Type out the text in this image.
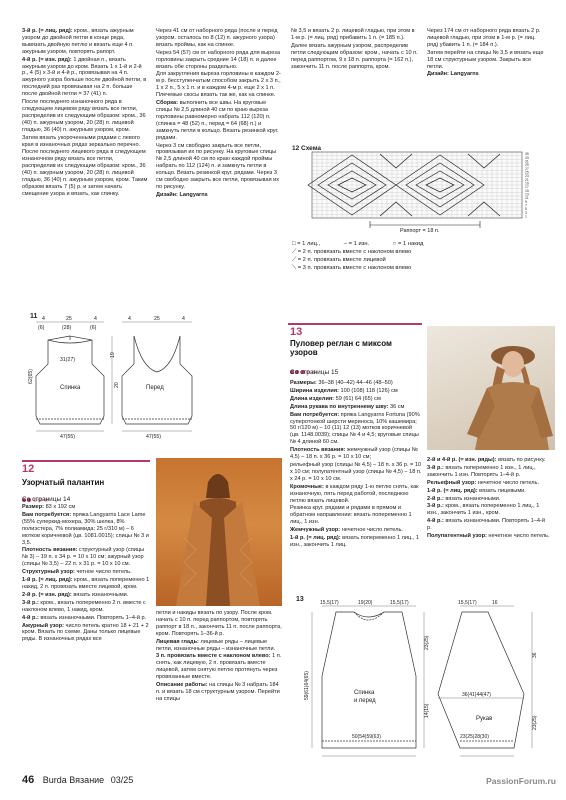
3-й р. (= лиц. ряд): кром., вязать ажурным узором до двойной петли в конце ряда, вывязать двойную петлю и вязать еще 4 п. ажурным узором, повторять рапорт.

4-й р. (= изн. ряд): 1 двойная п., вязать ажурным узором до кром. Вязать 1 х 1-й и 2-й р., 4 (5) х 3-й и 4-й р., провязывая на 4 п. ажурного узора больше после двойной петли, в последний раз провязывая на 2 п. больше после двойной петли = 37 (41) п.

После последнего изнаночного ряда в следующем лицевом ряду вязать все петли, распределив их следующим образом: кром., 36 (40) п. ажурным узором, 20 (28) п. лицевой гладью, 36 (40) п. ажурным узором, кром.

Затем вязать укороченными рядами с левого края в изнаночных рядах зеркально перечно.

После последнего лицевого ряда в следующем изнаночном ряду вязать все петли, распределив их следующим образом: кром., 36 (40) п. ажурным узором, 20 (28) п. лицевой гладью, 36 (40) п. ажурным узором, кром. Таким образом вязать 7 (5) р. и затем начать смещение узора и вязать, как спинку.

Через 41 см от наборного ряда (после и перед узором. осталось по 8 (12) п. ажурного узора) вязать проймы, как на спинке.

Через 54 (57) см от наборного ряда для выреза горловины закрыть средние 14 (18) п. и далее вязать обе стороны раздельно.

Для закругления выреза горловины в каждом 2-м р. бесступенчатым способом закрыть 2 х 3 п., 1 х 2 п., 5 х 1 п. и в каждом 4-м р. еще 2 х 1 п. Плечевые скосы вязать так же, как на спинке.

Сборка: выполнить все швы. На круговые спицы № 2,5 длиной 40 см по краю выреза горловины равномерно набрать 112 (120) п. (спинка = 48 (52) п., перед = 64 (68) п.) и замкнуть петли в кольцо. Вязать резинкой круг. рядами.

Через 3 см свободно закрыть все петли, провязывая их по рисунку. На круговые спицы № 2,5 длиной 40 см по краю каждой проймы набрать по 112 (124) п. и замкнуть петли в кольцо. Вязать резинкой круг. рядами. Через 3 см свободно закрыть все петли, провязывая их по рисунку.

Дизайн: Langyarns

№ 3,5 и вязать 2 р. лицевой гладью, при этом в 1-м р. (= лиц. ряд) прибавить 1 п. (= 185 п.).

Далее вязать ажурным узором, распределив петли следующим образом: кром., начать с 10 п. перед раппортом, 9 х 18 п. раппорта (= 162 п.), закончить 11 п. после раппорта, кром.

Через 174 см от наборного ряда вязать 2 р. лицевой гладью, при этом в 1-м р. (= лиц. ряд) убавить 1 п. (= 184 п.).

Затем перейти на спицы № 3,5 и вязать еще 18 см структурным узором. Закрыть все петли.

Дизайн: Langyarns

12 Схема
35
33
31
29
27
25
23
21
19
17
15
13
11
9
7
5
3
1
Раппорт = 18 п.
□ = 1 лиц.,	– = 1 изн.	○ = 1 накид
⟋ = 2 п. провязать вместе с наклоном влево
⟋ = 2 п. провязать вместе лицевой
⟍ = 3 п. провязать вместе с наклоном влево
11 4	25	4
(6)	(28)	(6)
31(27)
Спинка
47(55)
62(65)
19
20
4	25	4
Перед
47(55)
13
Пуловер реглан с миксом узоров
Со страницы 15

Размеры: 36–38 (40–42) 44–46 (48–50)

Ширина изделия: 100 (108) 118 (126) см

Длина изделия: 59 (61) 64 (65) см

Длина рукава по внутреннему шву: 36 см

Вам потребуется: пряжа Langyarns Fortuna (90% суперотонкой шерсти мериноса, 10% кашемира; 50 г/120 м) – 10 (11) 12 (13) мотков коричневой (цв. 1148.0039); спицы № 4 и 4,5; круговые спицы № 4 длиной 60 см.

Плотность вязания: жемчужный узор (спицы № 4,5) – 18 п. x 36 р. = 10 x 10 см;

рельефный узор (спицы № 4,5) – 18 п. x 36 р. = 10 x 10 см; полупатентный узор (спицы № 4,5) – 18 п. x 24 р. = 10 x 10 см.

Кромочные: в каждом ряду 1-ю петлю снять, как изнаночную, пять перед работой, последнюю петлю вязать лицевой.

Резинка круг. рядами и рядами в прямом и обратном направлении: вязать попеременно 1 лиц., 1 изн.

Жемчужный узор: нечетное число петель.

1-й р. (= лиц. ряд): вязать попеременно 1 лиц., 1 изн., закончить 1 лиц.

2-й и 4-й р. (= изн. ряды): вязать по рисунку.

3-й р.: вязать попеременно 1 изн., 1 лиц., закончить 1 изн. Повторять 1–4-й р.

Рельефный узор: нечетное число петель.

1-й р. (= лиц. ряд): вязать лицевыми.

2-й р.: вязать изнаночными.

3-й р.: кром., вязать попеременно 1 лиц., 1 изн., закончить 1 изн., кром.

4-й р.: вязать изнаночными. Повторять 1–4-й р.

Полупатентный узор: нечетное число петель.

12
Узорчатый палантин
Со страницы 14

Размер: 83 x 192 см

Вам потребуется: пряжа Langyarns Lace Lame (55% суперкид-мохера, 30% шелка, 8% полиэстера, 7% полиамида; 25 г/310 м) – 6 мотков коричневой (цв. 1081.0015); спицы № 3 и 3,5.

Плотность вязания: структурный узор (спицы № 3) – 19 п. x 34 р. = 10 x 10 см; ажурный узор (спицы № 3,5) – 22 п. x 31 р. = 10 x 10 см.

Структурный узор: четное число петель.

1-й р. (= лиц. ряд): кром., вязать попеременно 1 накид, 2 п. провязать вместе лицевой, кром.

2-й р. (= изн. ряд): вязать изнаночными.

3-й р.: кром., вязать попеременно 2 п. вместе с наклоном влево, 1 накид, кром.

4-й р.: вязать изнаночными. Повторять 1–4-й р.

Ажурный узор: число петель кратно 18 + 21 + 2 кром. Вязать по схеме. Даны только лицевые ряды. В изнаночных рядах все

петли и накиды вязать по узору. После кром. начать с 10 п. перед раппортом, повторять раппорт в 18 п., закончить 11 п. после раппорта, кром. Повторять 1–36-й р.

Лицевая гладь: лицевые ряды – лицевые петли, изнаночные ряды – изнаночные петли.

3 п. провязать вместе с наклоном влево: 1 п. снять, как лицевую, 2 п. провязать вместе лицевой, затем снятую петлю протянуть через провязанные вместе.

Описание работы: на спицы № 3 набрать 184 п. и вязать 18 см структурным узором. Перейти на спицы

13	15,5(17)	19(20)	15,5(17)
59(61)64(65)
23(25)
14(15)
Спинка
и перед
50(54)59(63)
15,5(17)	16
Рукав
36(41)44(47)
23(25)28(30)
36
23(25)
46 Burda Вязание 03/25	PassionForum.ru
